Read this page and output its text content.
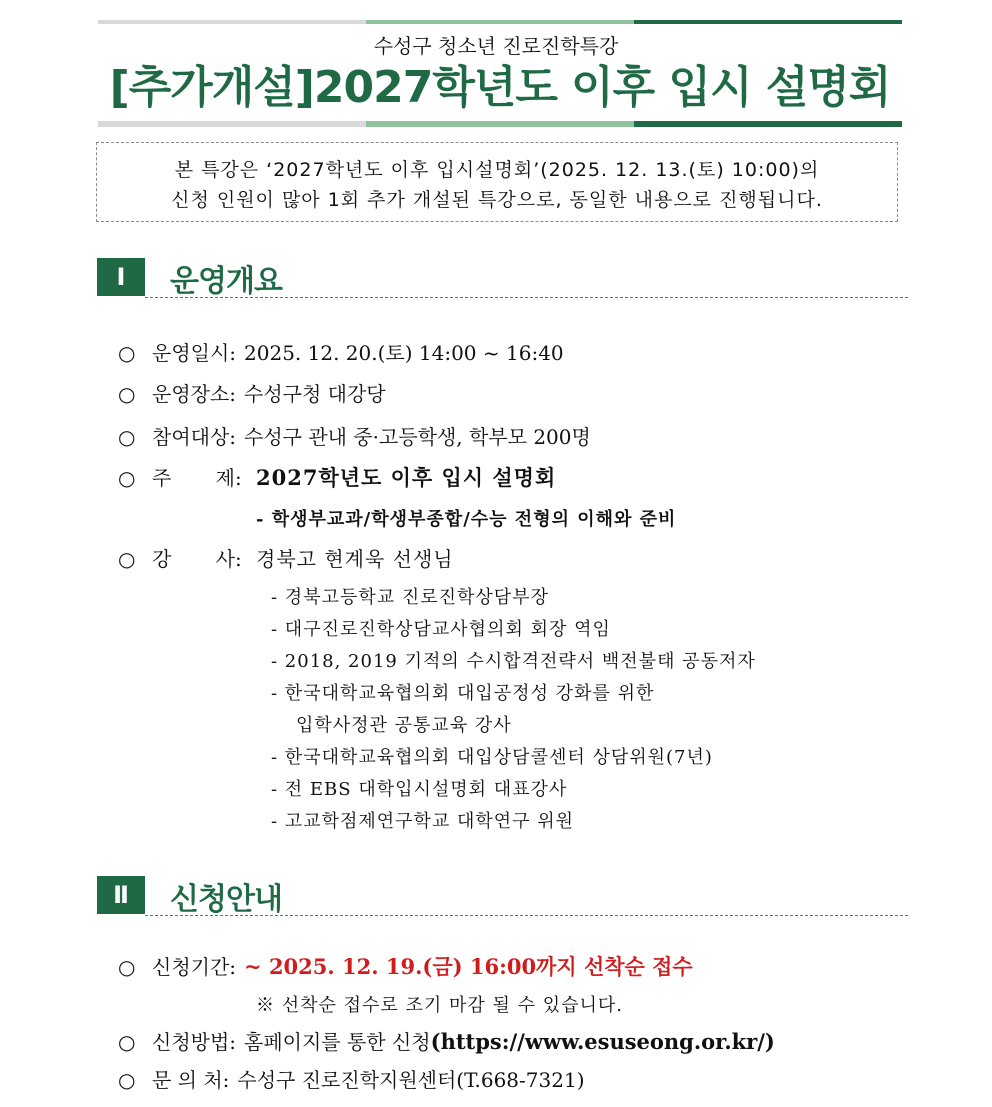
수성구 청소년 진로진학특강
[추가개설]2027학년도 이후 입시 설명회
본 특강은 ‘2027학년도 이후 입시설명회’(2025. 12. 13.(토) 10:00)의
신청 인원이 많아 1회 추가 개설된 특강으로, 동일한 내용으로 진행됩니다.
Ⅰ	운영개요
○ 운영일시: 2025. 12. 20.(토) 14:00 ~ 16:40
○ 운영장소: 수성구청 대강당
○ 참여대상: 수성구 관내 중·고등학생, 학부모 200명
○ 주 제: 2027학년도 이후 입시 설명회
- 학생부교과/학생부종합/수능 전형의 이해와 준비
○ 강 사: 경북고 현계욱 선생님
- 경북고등학교 진로진학상담부장
- 대구진로진학상담교사협의회 회장 역임
- 2018, 2019 기적의 수시합격전략서 백전불태 공동저자
- 한국대학교육협의회 대입공정성 강화를 위한
입학사정관 공통교육 강사
- 한국대학교육협의회 대입상담콜센터 상담위원(7년)
- 전 EBS 대학입시설명회 대표강사
- 고교학점제연구학교 대학연구 위원
Ⅱ	신청안내
○ 신청기간: ~ 2025. 12. 19.(금) 16:00까지 선착순 접수
※ 선착순 접수로 조기 마감 될 수 있습니다.
○ 신청방법: 홈페이지를 통한 신청(https://www.esuseong.or.kr/)
○ 문 의 처: 수성구 진로진학지원센터(T.668-7321)
